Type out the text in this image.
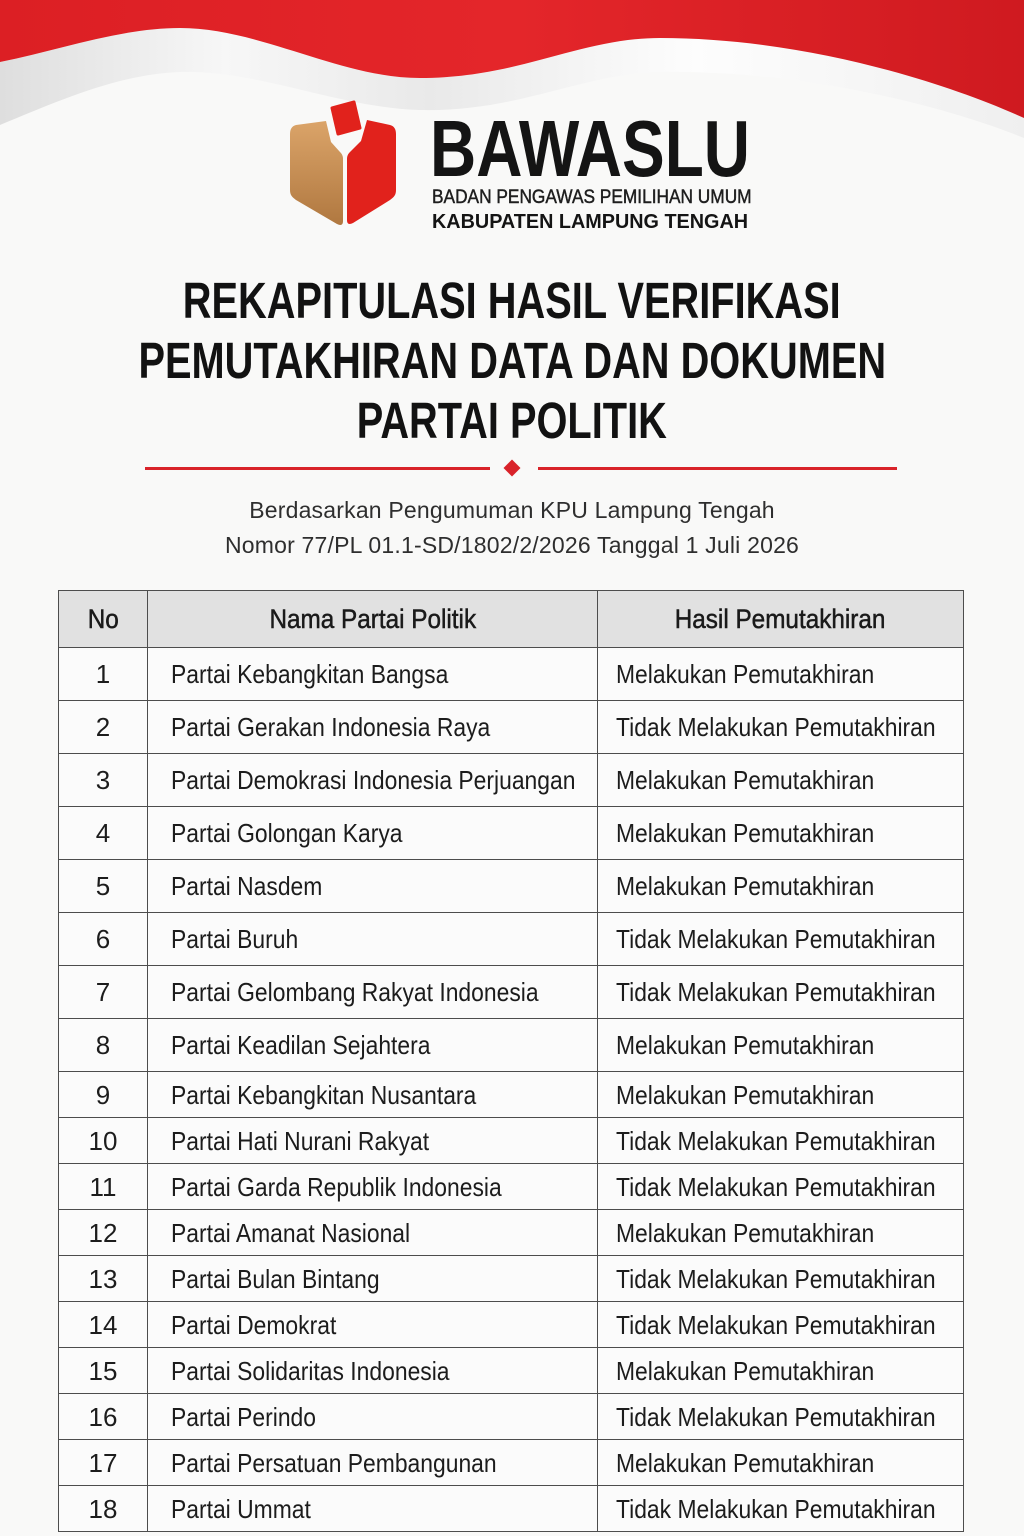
BAWASLU
BADAN PENGAWAS PEMILIHAN UMUM
KABUPATEN LAMPUNG TENGAH
REKAPITULASI HASIL VERIFIKASI
PEMUTAKHIRAN DATA DAN DOKUMEN
PARTAI POLITIK
Berdasarkan Pengumuman KPU Lampung Tengah
Nomor 77/PL 01.1-SD/1802/2/2026 Tanggal 1 Juli 2026
No	Nama Partai Politik	Hasil Pemutakhiran
1	Partai Kebangkitan Bangsa	Melakukan Pemutakhiran
2	Partai Gerakan Indonesia Raya	Tidak Melakukan Pemutakhiran
3	Partai Demokrasi Indonesia Perjuangan	Melakukan Pemutakhiran
4	Partai Golongan Karya	Melakukan Pemutakhiran
5	Partai Nasdem	Melakukan Pemutakhiran
6	Partai Buruh	Tidak Melakukan Pemutakhiran
7	Partai Gelombang Rakyat Indonesia	Tidak Melakukan Pemutakhiran
8	Partai Keadilan Sejahtera	Melakukan Pemutakhiran
9	Partai Kebangkitan Nusantara	Melakukan Pemutakhiran
10	Partai Hati Nurani Rakyat	Tidak Melakukan Pemutakhiran
11	Partai Garda Republik Indonesia	Tidak Melakukan Pemutakhiran
12	Partai Amanat Nasional	Melakukan Pemutakhiran
13	Partai Bulan Bintang	Tidak Melakukan Pemutakhiran
14	Partai Demokrat	Tidak Melakukan Pemutakhiran
15	Partai Solidaritas Indonesia	Melakukan Pemutakhiran
16	Partai Perindo	Tidak Melakukan Pemutakhiran
17	Partai Persatuan Pembangunan	Melakukan Pemutakhiran
18	Partai Ummat	Tidak Melakukan Pemutakhiran
